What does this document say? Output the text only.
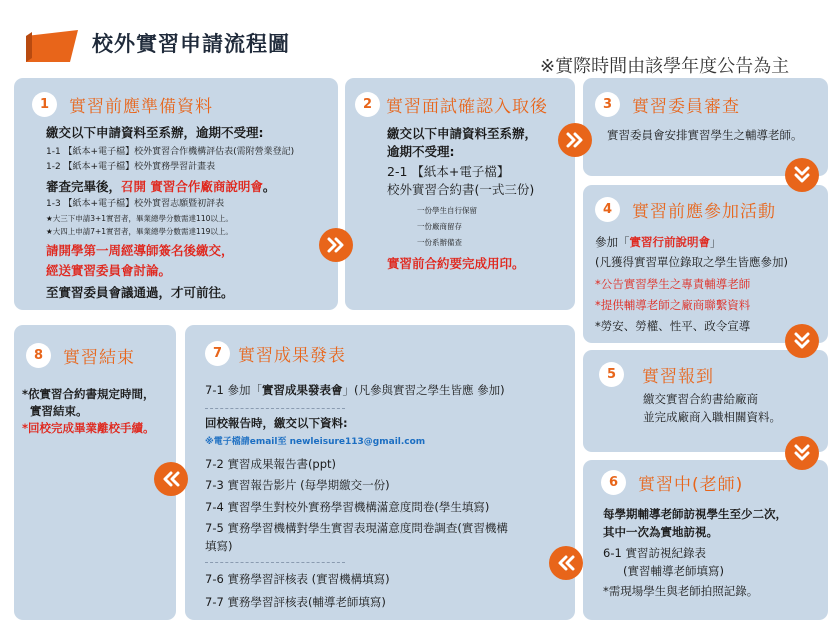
校外實習申請流程圖
※實際時間由該學年度公告為主
1	實習前應準備資料
繳交以下申請資料至系辦，逾期不受理:
1-1 【紙本+電子檔】校外實習合作機構評估表(需附營業登記)
1-2 【紙本+電子檔】校外實務學習計畫表
審查完畢後，召開 實習合作廠商說明會。
1-3 【紙本+電子檔】校外實習志願暨初評表
★大三下申請3+1實習者，畢業總學分數需達110以上。
★大四上申請7+1實習者，畢業總學分數需達119以上。
請開學第一周經導師簽名後繳交，
經送實習委員會討論。
至實習委員會議通過，才可前往。
2 實習面試確認入取後
繳交以下申請資料至系辦，
逾期不受理:
2-1 【紙本+電子檔】
校外實習合約書(一式三份)
一份學生自行保留
一份廠商留存
一份系辦備查
實習前合約要完成用印。
3	實習委員審查
實習委員會安排實習學生之輔導老師。
4	實習前應參加活動
參加「實習行前說明會」
(凡獲得實習單位錄取之學生皆應參加)
*公告實習學生之專責輔導老師
*提供輔導老師之廠商聯繫資料
*勞安、勞權、性平、政令宣導
5	實習報到
繳交實習合約書給廠商
並完成廠商入職相關資料。
6	實習中(老師)
每學期輔導老師訪視學生至少二次，
其中一次為實地訪視。
6-1 實習訪視紀錄表
(實習輔導老師填寫)
*需現場學生與老師拍照記錄。
7 實習成果發表
7-1 參加「實習成果發表會」(凡參與實習之學生皆應 參加)
回校報告時，繳交以下資料:
※電子檔請email至 newleisure113@gmail.com
7-2 實習成果報告書(ppt)
7-3 實習報告影片 (每學期繳交一份)
7-4 實習學生對校外實務學習機構滿意度問卷(學生填寫)
7-5 實務學習機構對學生實習表現滿意度問卷調查(實習機構
填寫)
7-6 實務學習評核表 (實習機構填寫)
7-7 實務學習評核表(輔導老師填寫)
8	實習結束
*依實習合約書規定時間，
實習結束。
*回校完成畢業離校手續。
